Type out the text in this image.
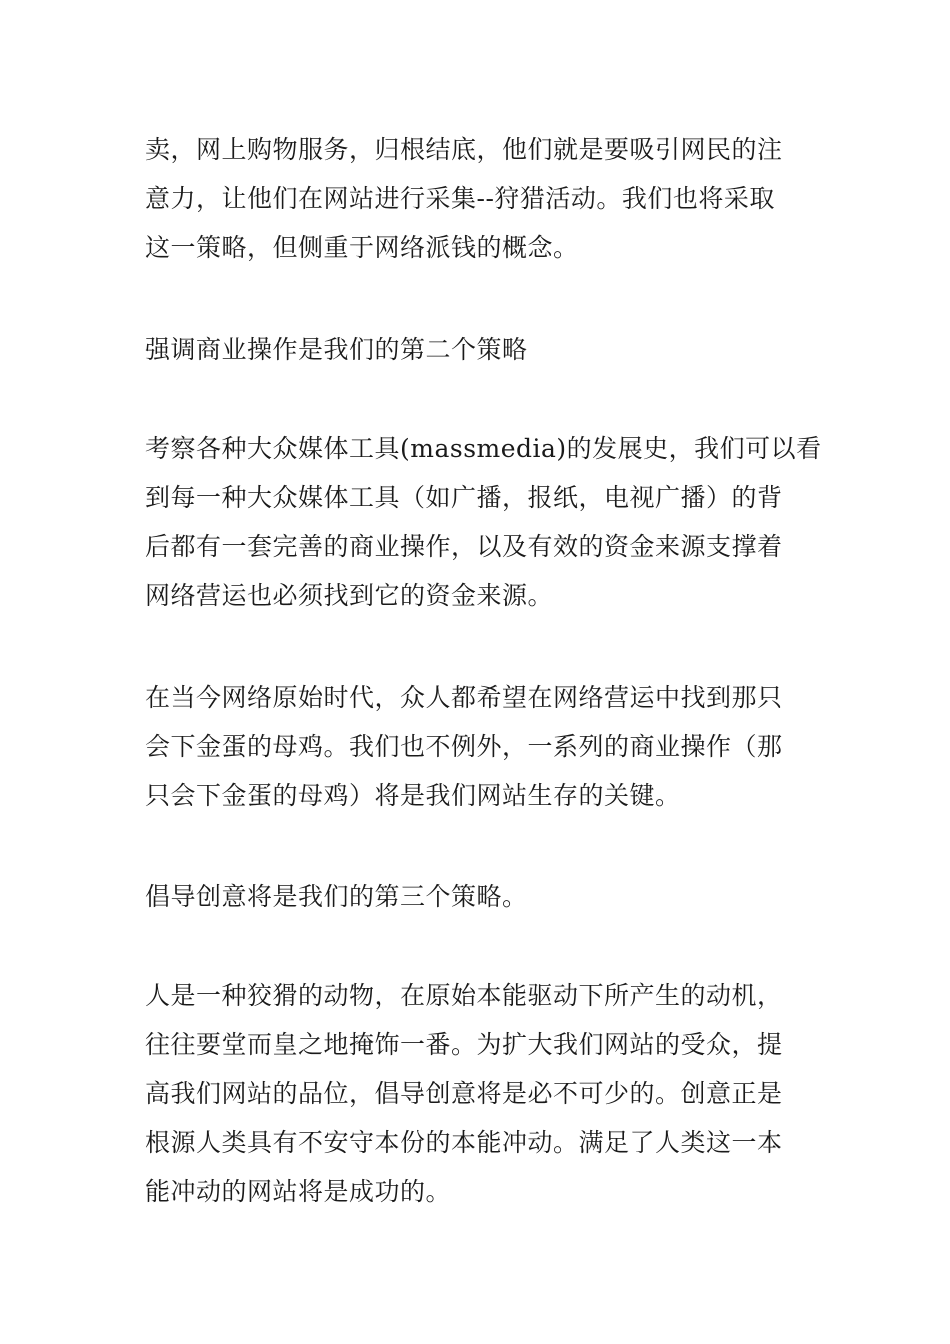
卖，网上购物服务，归根结底，他们就是要吸引网民的注
意力，让他们在网站进行采集--狩猎活动。我们也将采取
这一策略，但侧重于网络派钱的概念。
强调商业操作是我们的第二个策略
考察各种大众媒体工具(massmedia)的发展史，我们可以看
到每一种大众媒体工具（如广播，报纸，电视广播）的背
后都有一套完善的商业操作，以及有效的资金来源支撑着
网络营运也必须找到它的资金来源。
在当今网络原始时代，众人都希望在网络营运中找到那只
会下金蛋的母鸡。我们也不例外，一系列的商业操作（那
只会下金蛋的母鸡）将是我们网站生存的关键。
倡导创意将是我们的第三个策略。
人是一种狡猾的动物，在原始本能驱动下所产生的动机，
往往要堂而皇之地掩饰一番。为扩大我们网站的受众，提
高我们网站的品位，倡导创意将是必不可少的。创意正是
根源人类具有不安守本份的本能冲动。满足了人类这一本
能冲动的网站将是成功的。
